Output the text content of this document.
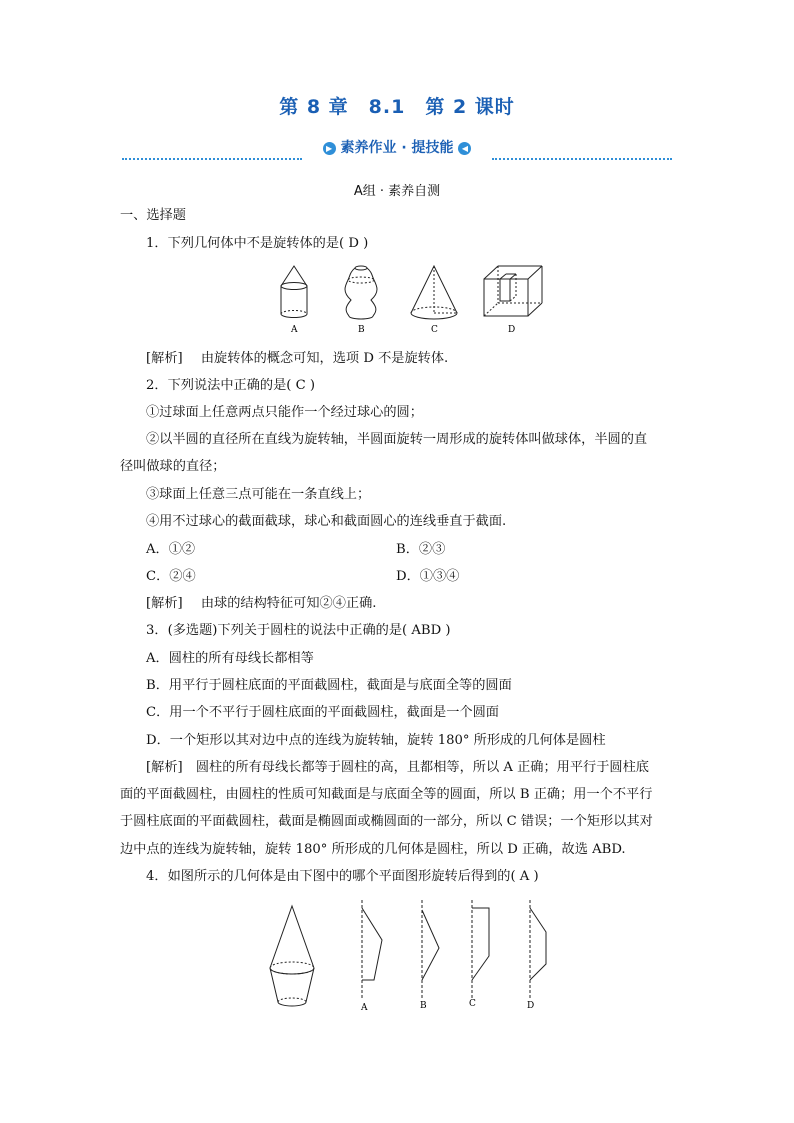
第 8 章　8.1　第 2 课时
▶ 素养作业 · 提技能 ◀
A组 · 素养自测
一、选择题
1．下列几何体中不是旋转体的是( D )
A	B	C	D
[解析] 由旋转体的概念可知，选项 D 不是旋转体.
2．下列说法中正确的是( C )
①过球面上任意两点只能作一个经过球心的圆；
②以半圆的直径所在直线为旋转轴，半圆面旋转一周形成的旋转体叫做球体，半圆的直
径叫做球的直径；
③球面上任意三点可能在一条直线上；
④用不过球心的截面截球，球心和截面圆心的连线垂直于截面.
A．①②	B．②③
C．②④	D．①③④
[解析] 由球的结构特征可知②④正确.
3．(多选题)下列关于圆柱的说法中正确的是( ABD )
A．圆柱的所有母线长都相等
B．用平行于圆柱底面的平面截圆柱，截面是与底面全等的圆面
C．用一个不平行于圆柱底面的平面截圆柱，截面是一个圆面
D．一个矩形以其对边中点的连线为旋转轴，旋转 180° 所形成的几何体是圆柱
[解析]　圆柱的所有母线长都等于圆柱的高，且都相等，所以 A 正确；用平行于圆柱底
面的平面截圆柱，由圆柱的性质可知截面是与底面全等的圆面，所以 B 正确；用一个不平行
于圆柱底面的平面截圆柱，截面是椭圆面或椭圆面的一部分，所以 C 错误；一个矩形以其对
边中点的连线为旋转轴，旋转 180° 所形成的几何体是圆柱，所以 D 正确，故选 ABD.
4．如图所示的几何体是由下图中的哪个平面图形旋转后得到的( A )
A	B	C	D
